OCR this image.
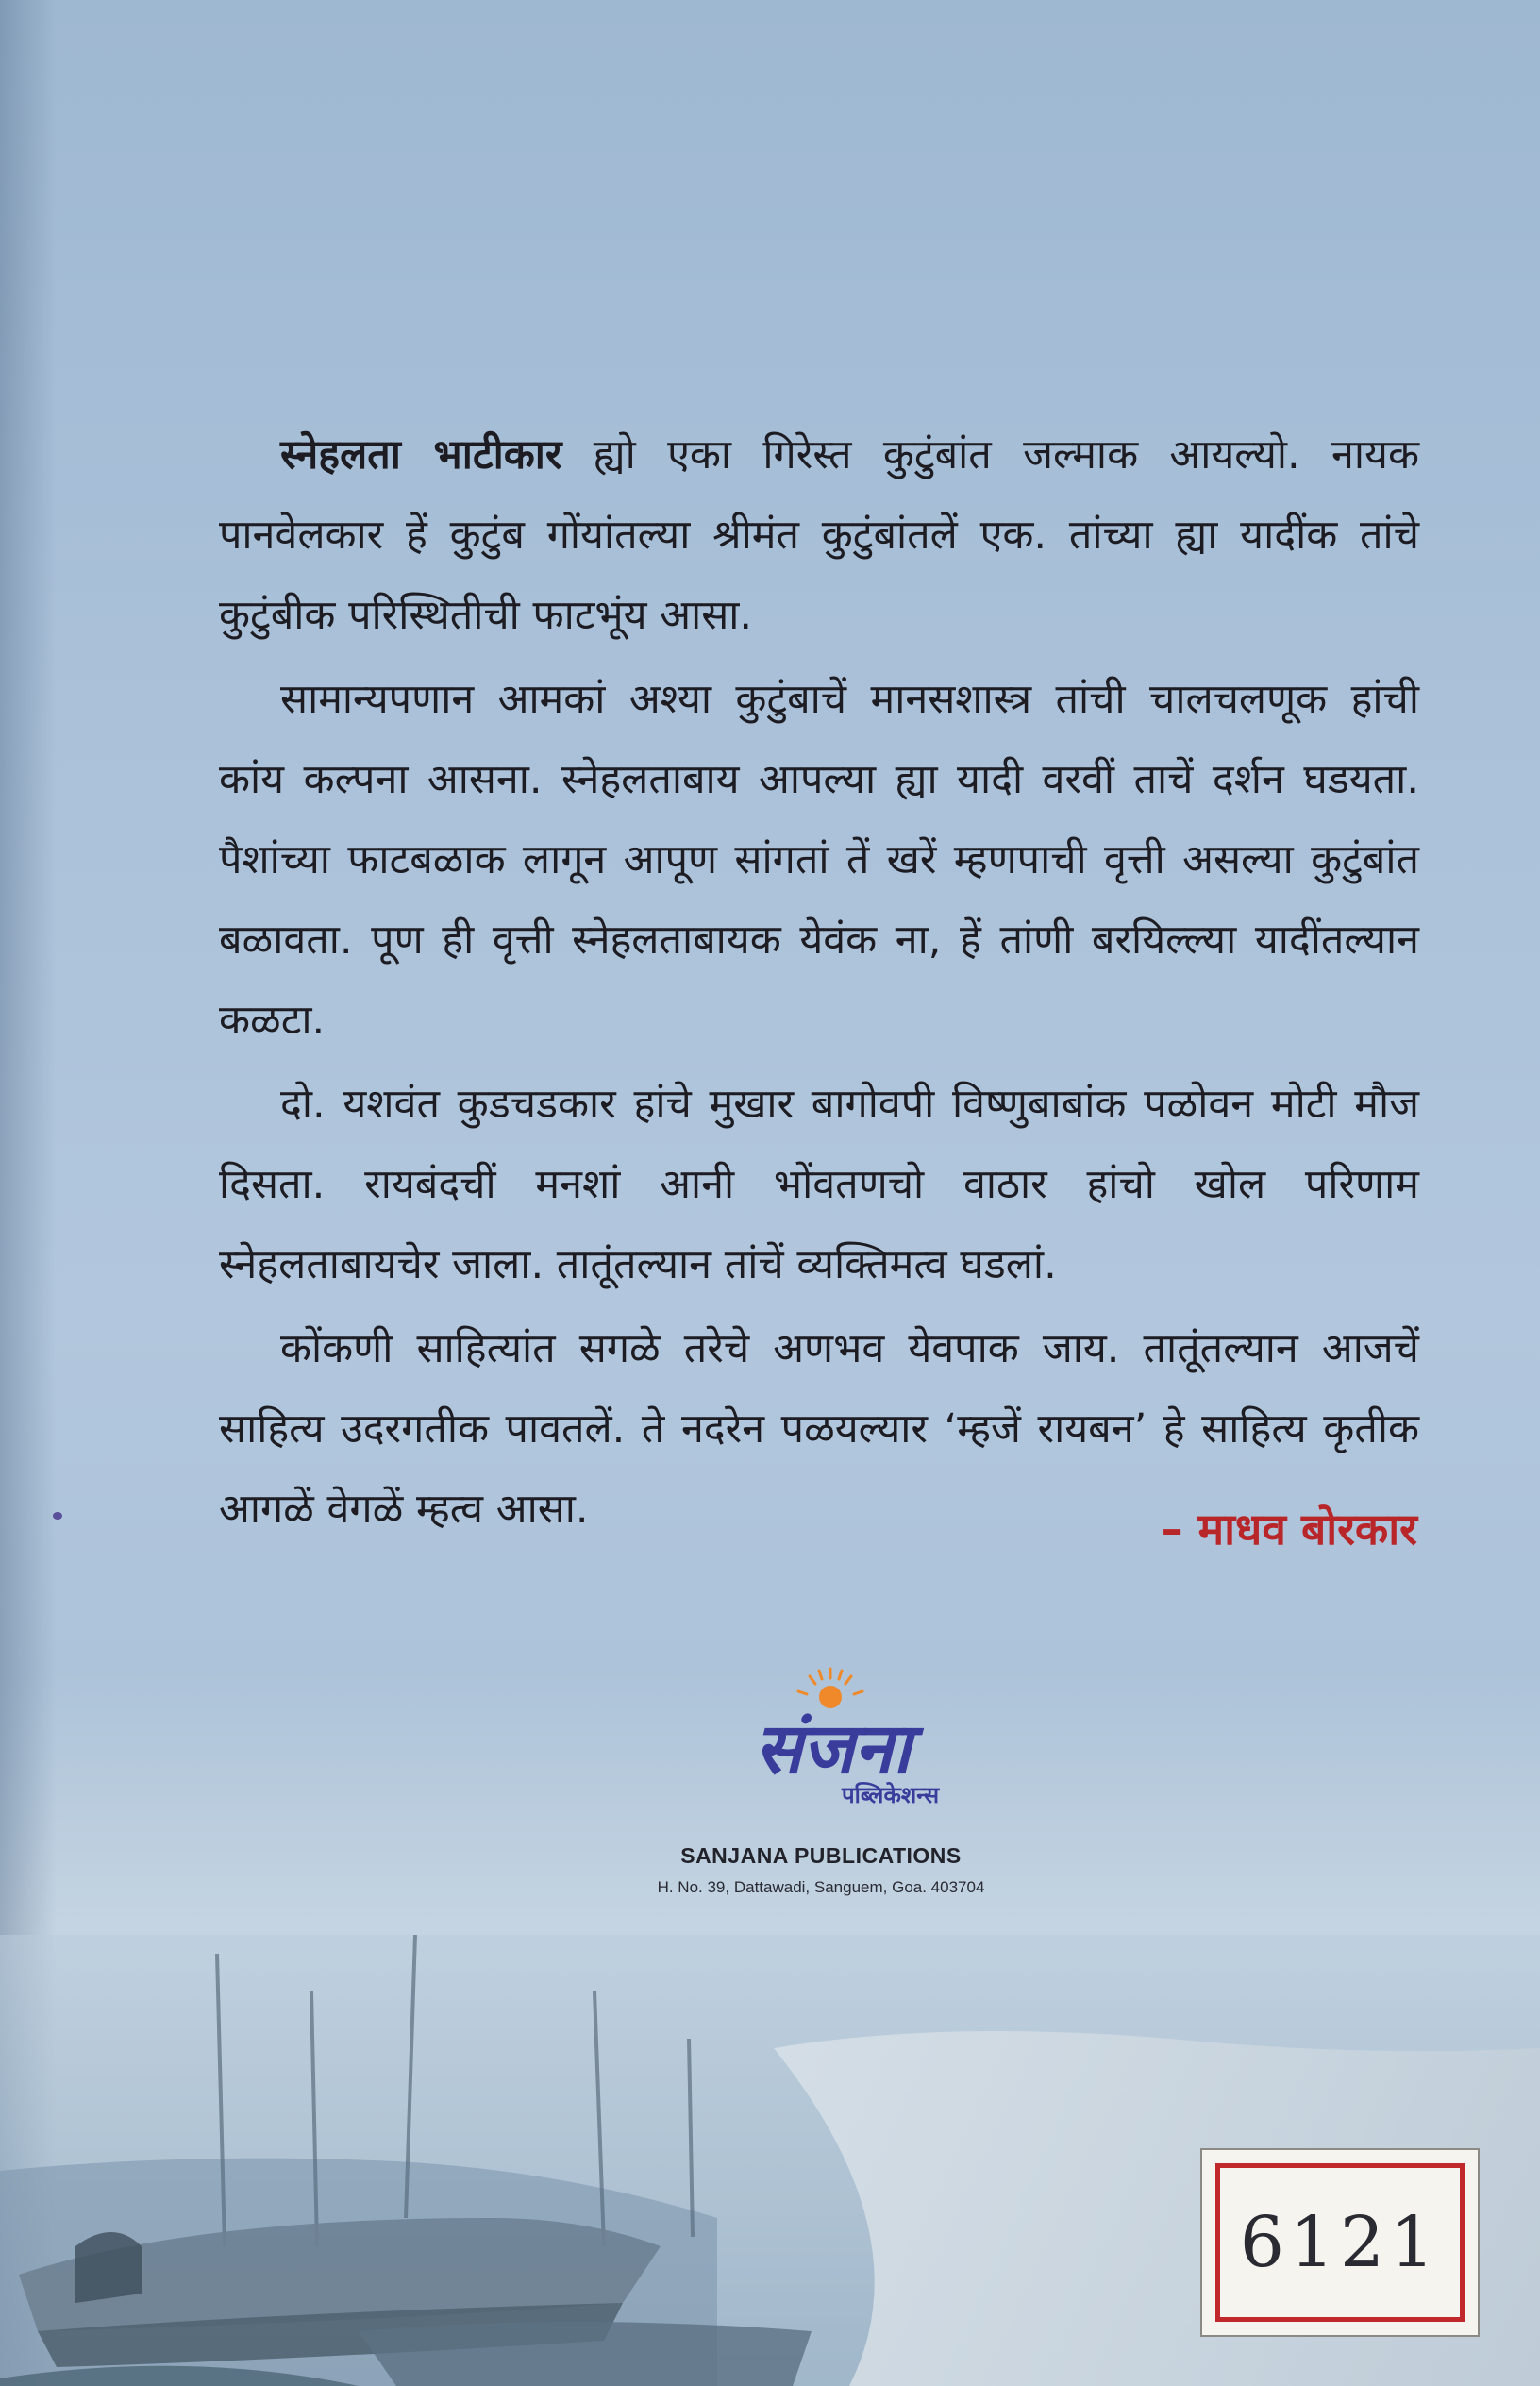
स्नेहलता भाटीकार ह्यो एका गिरेस्त कुटुंबांत जल्माक आयल्यो. नायक पानवेलकार हें कुटुंब गोंयांतल्या श्रीमंत कुटुंबांतलें एक. तांच्या ह्या यादींक तांचे कुटुंबीक परिस्थितीची फाटभूंय आसा.

सामान्यपणान आमकां अश्या कुटुंबाचें मानसशास्त्र तांची चालचलणूक हांची कांय कल्पना आसना. स्नेहलताबाय आपल्या ह्या यादी वरवीं ताचें दर्शन घडयता. पैशांच्या फाटबळाक लागून आपूण सांगतां तें खरें म्हणपाची वृत्ती असल्या कुटुंबांत बळावता. पूण ही वृत्ती स्नेहलताबायक येवंक ना, हें तांणी बरयिल्ल्या यादींतल्यान कळटा.

दो. यशवंत कुडचडकार हांचे मुखार बागोवपी विष्णुबाबांक पळोवन मोटी मौज दिसता. रायबंदचीं मनशां आनी भोंवतणचो वाठार हांचो खोल परिणाम स्नेहलताबायचेर जाला. तातूंतल्यान तांचें व्यक्तिमत्व घडलां.

कोंकणी साहित्यांत सगळे तरेचे अणभव येवपाक जाय. तातूंतल्यान आजचें साहित्य उदरगतीक पावतलें. ते नदरेन पळयल्यार ‘म्हजें रायबन’ हे साहित्य कृतीक आगळें वेगळें म्हत्व आसा.	– माधव बोरकार
संजना
पब्लिकेशन्स
SANJANA PUBLICATIONS
H. No. 39, Dattawadi, Sanguem, Goa. 403704
6121
